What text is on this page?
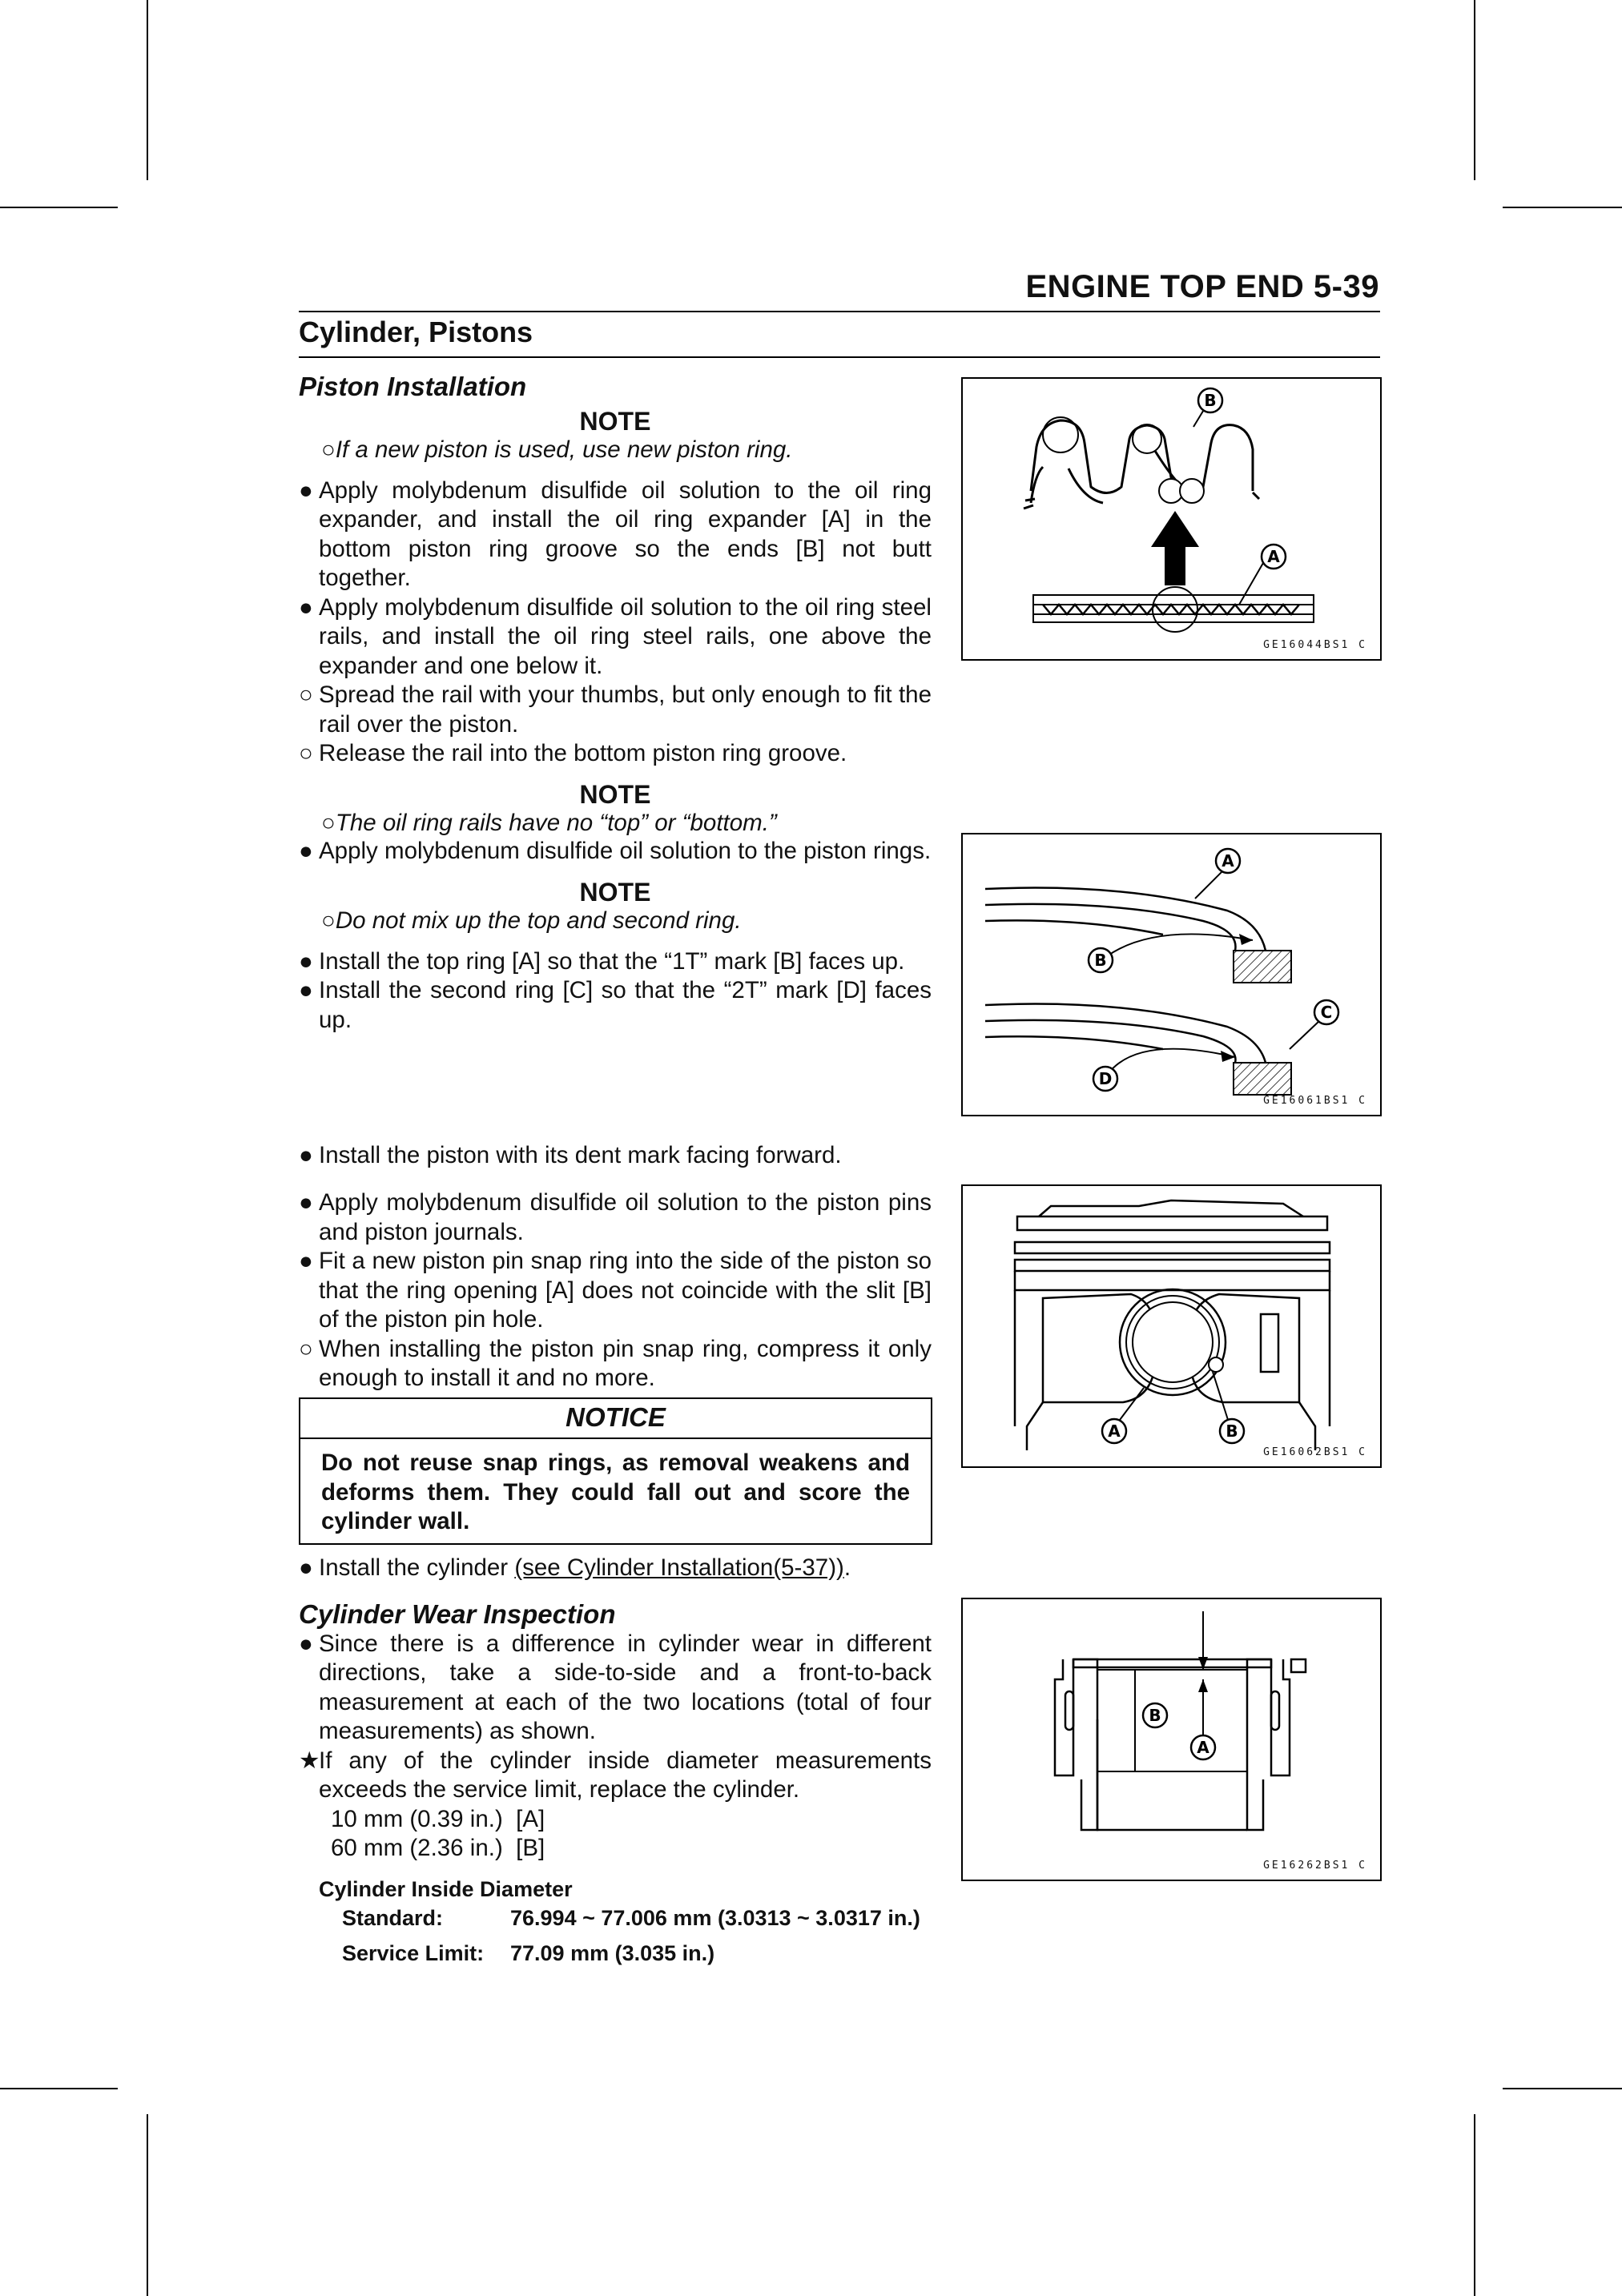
ENGINE TOP END 5-39
Cylinder, Pistons
Piston Installation
NOTE
○If a new piston is used, use new piston ring.
● Apply molybdenum disulfide oil solution to the oil ring expander, and install the oil ring expander [A] in the bottom piston ring groove so the ends [B] not butt together.
● Apply molybdenum disulfide oil solution to the oil ring steel rails, and install the oil ring steel rails, one above the expander and one below it.
○ Spread the rail with your thumbs, but only enough to fit the rail over the piston.
○ Release the rail into the bottom piston ring groove.
NOTE
○The oil ring rails have no “top” or “bottom.”
● Apply molybdenum disulfide oil solution to the piston rings.
NOTE
○Do not mix up the top and second ring.
● Install the top ring [A] so that the “1T” mark [B] faces up.
● Install the second ring [C] so that the “2T” mark [D] faces up.
● Install the piston with its dent mark facing forward.
● Apply molybdenum disulfide oil solution to the piston pins and piston journals.
● Fit a new piston pin snap ring into the side of the piston so that the ring opening [A] does not coincide with the slit [B] of the piston pin hole.
○ When installing the piston pin snap ring, compress it only enough to install it and no more.
NOTICE
Do not reuse snap rings, as removal weakens and deforms them. They could fall out and score the cylinder wall.
● Install the cylinder (see Cylinder Installation(5-37)).
Cylinder Wear Inspection
● Since there is a difference in cylinder wear in different directions, take a side-to-side and a front-to-back measurement at each of the two locations (total of four measurements) as shown.
★
If any of the cylinder inside diameter measurements exceeds the service limit, replace the cylinder.
10 mm (0.39 in.)  [A]
60 mm (2.36 in.)  [B]
Cylinder Inside Diameter
Standard:	76.994 ~ 77.006 mm (3.0313 ~ 3.0317 in.)
Service Limit: 77.09 mm (3.035 in.)
B
A
GE16044BS1 C
A
B
C
D
GE16061BS1 C
A	B
GE16062BS1 C
B
A
GE16262BS1 C
